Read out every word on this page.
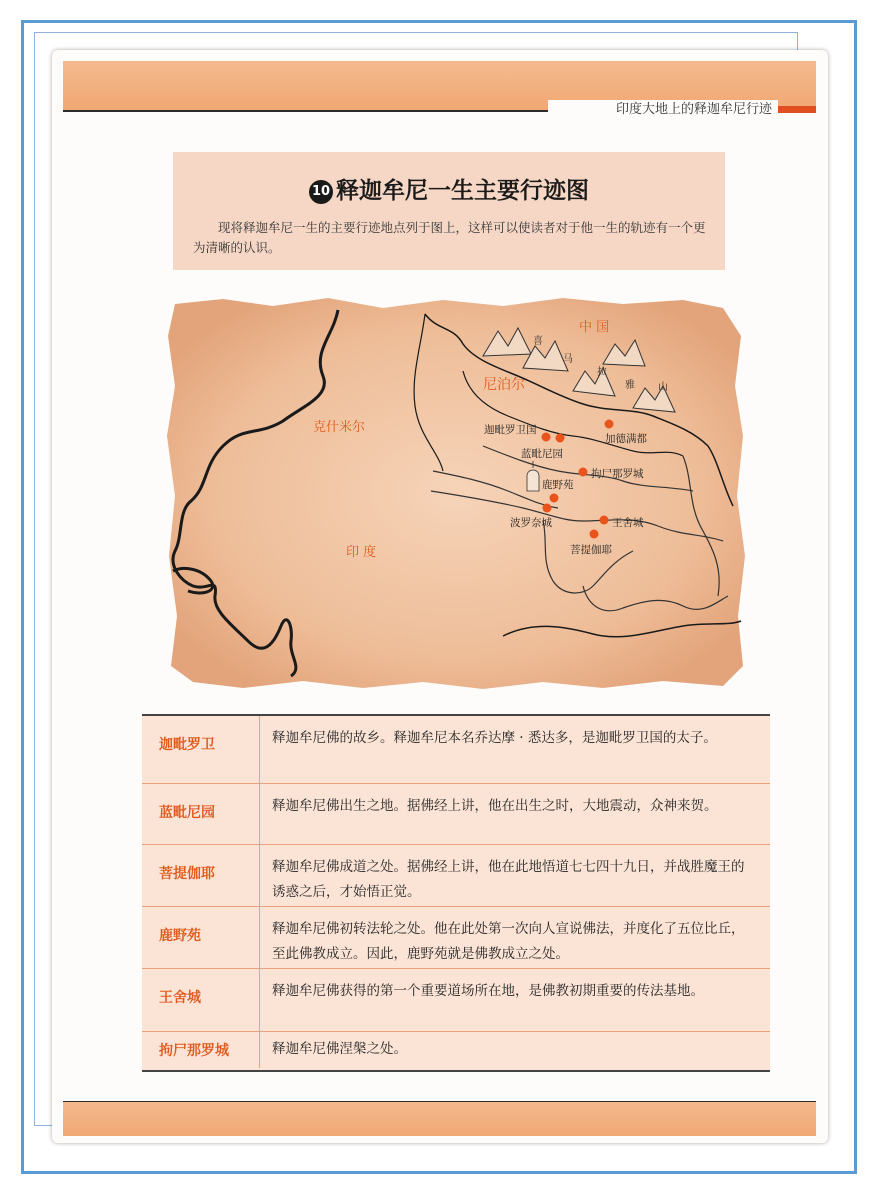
印度大地上的释迦牟尼行迹
10 释迦牟尼一生主要行迹图
现将释迦牟尼一生的主要行迹地点列于图上，这样可以使读者对于他一生的轨迹有一个更为清晰的认识。
中 国
尼泊尔
克什米尔
印 度
喜
马
拉
雅 山
迦毗罗卫国
蓝毗尼园
加德满都
拘尸那罗城
鹿野苑
波罗奈城	王舍城
菩提伽耶
迦毗罗卫	释迦牟尼佛的故乡。释迦牟尼本名乔达摩 · 悉达多，是迦毗罗卫国的太子。
蓝毗尼园	释迦牟尼佛出生之地。据佛经上讲，他在出生之时，大地震动，众神来贺。
菩提伽耶	释迦牟尼佛成道之处。据佛经上讲，他在此地悟道七七四十九日，并战胜魔王的诱惑之后，才始悟正觉。
鹿野苑	释迦牟尼佛初转法轮之处。他在此处第一次向人宣说佛法，并度化了五位比丘，至此佛教成立。因此，鹿野苑就是佛教成立之处。
王舍城	释迦牟尼佛获得的第一个重要道场所在地，是佛教初期重要的传法基地。
拘尸那罗城	释迦牟尼佛涅槃之处。
